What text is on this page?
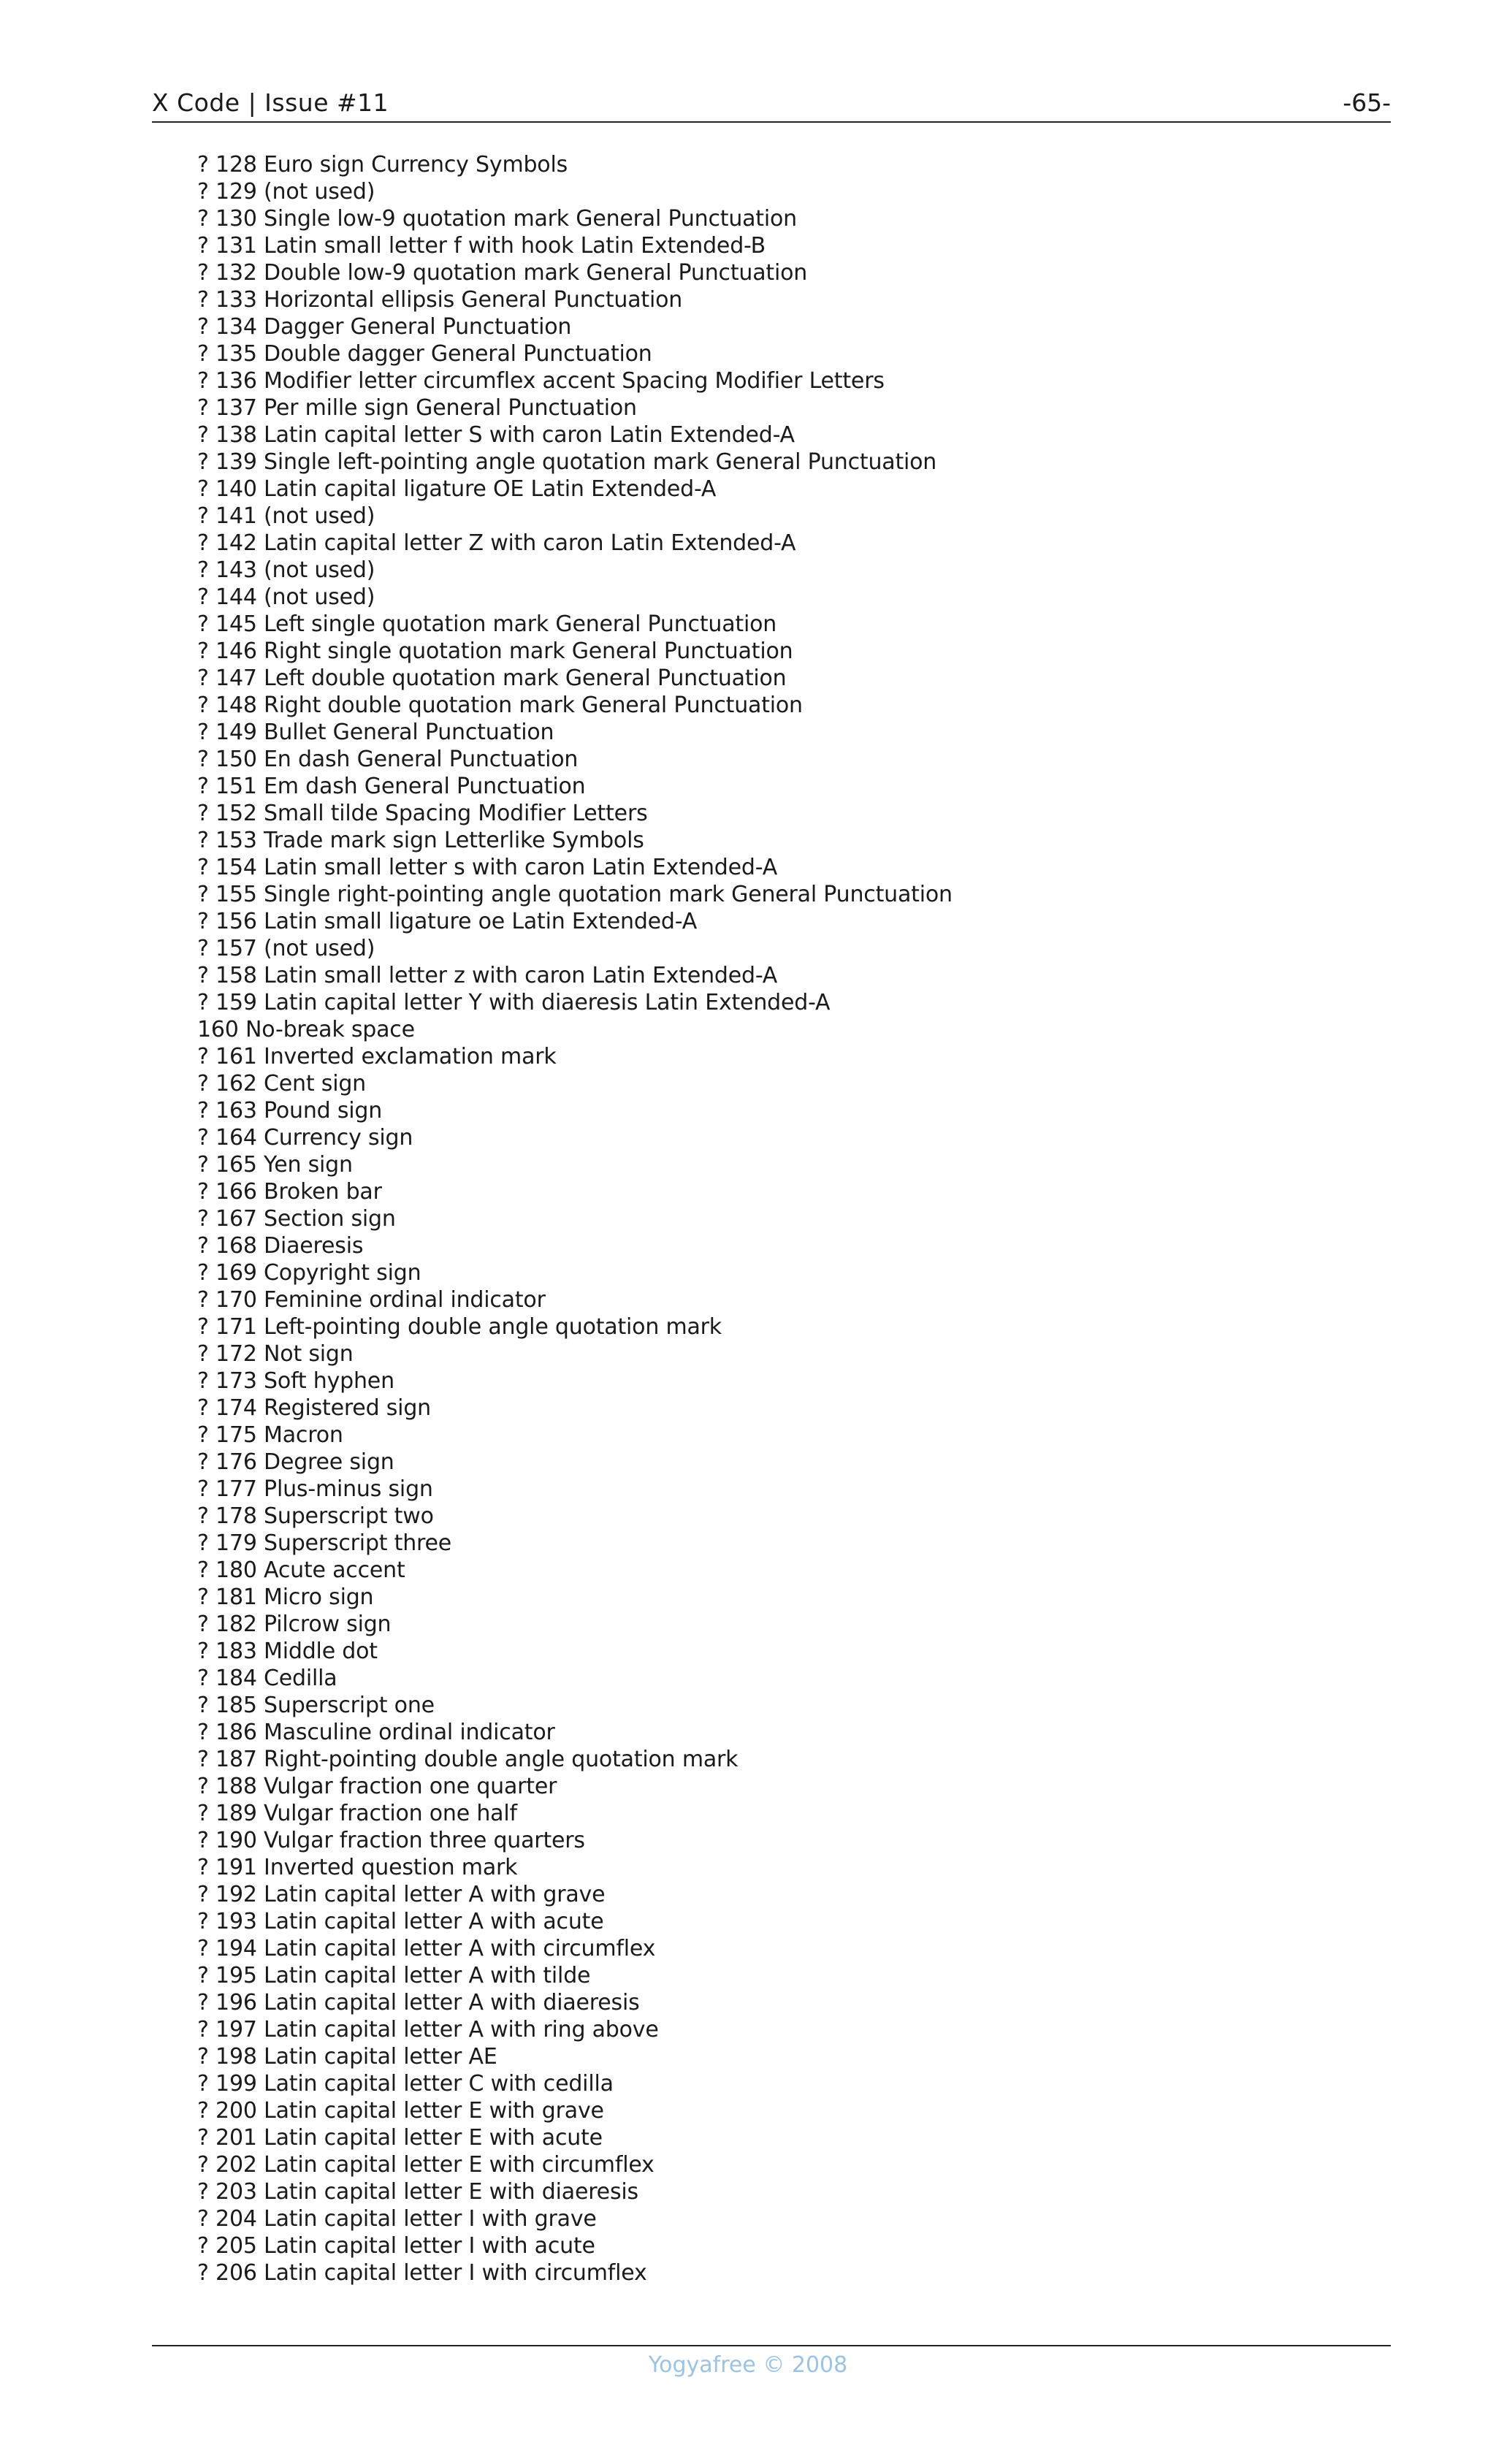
X Code | Issue #11	-65-
? 128 Euro sign Currency Symbols
? 129 (not used)
? 130 Single low-9 quotation mark General Punctuation
? 131 Latin small letter f with hook Latin Extended-B
? 132 Double low-9 quotation mark General Punctuation
? 133 Horizontal ellipsis General Punctuation
? 134 Dagger General Punctuation
? 135 Double dagger General Punctuation
? 136 Modifier letter circumflex accent Spacing Modifier Letters
? 137 Per mille sign General Punctuation
? 138 Latin capital letter S with caron Latin Extended-A
? 139 Single left-pointing angle quotation mark General Punctuation
? 140 Latin capital ligature OE Latin Extended-A
? 141 (not used)
? 142 Latin capital letter Z with caron Latin Extended-A
? 143 (not used)
? 144 (not used)
? 145 Left single quotation mark General Punctuation
? 146 Right single quotation mark General Punctuation
? 147 Left double quotation mark General Punctuation
? 148 Right double quotation mark General Punctuation
? 149 Bullet General Punctuation
? 150 En dash General Punctuation
? 151 Em dash General Punctuation
? 152 Small tilde Spacing Modifier Letters
? 153 Trade mark sign Letterlike Symbols
? 154 Latin small letter s with caron Latin Extended-A
? 155 Single right-pointing angle quotation mark General Punctuation
? 156 Latin small ligature oe Latin Extended-A
? 157 (not used)
? 158 Latin small letter z with caron Latin Extended-A
? 159 Latin capital letter Y with diaeresis Latin Extended-A
160 No-break space
? 161 Inverted exclamation mark
? 162 Cent sign
? 163 Pound sign
? 164 Currency sign
? 165 Yen sign
? 166 Broken bar
? 167 Section sign
? 168 Diaeresis
? 169 Copyright sign
? 170 Feminine ordinal indicator
? 171 Left-pointing double angle quotation mark
? 172 Not sign
? 173 Soft hyphen
? 174 Registered sign
? 175 Macron
? 176 Degree sign
? 177 Plus-minus sign
? 178 Superscript two
? 179 Superscript three
? 180 Acute accent
? 181 Micro sign
? 182 Pilcrow sign
? 183 Middle dot
? 184 Cedilla
? 185 Superscript one
? 186 Masculine ordinal indicator
? 187 Right-pointing double angle quotation mark
? 188 Vulgar fraction one quarter
? 189 Vulgar fraction one half
? 190 Vulgar fraction three quarters
? 191 Inverted question mark
? 192 Latin capital letter A with grave
? 193 Latin capital letter A with acute
? 194 Latin capital letter A with circumflex
? 195 Latin capital letter A with tilde
? 196 Latin capital letter A with diaeresis
? 197 Latin capital letter A with ring above
? 198 Latin capital letter AE
? 199 Latin capital letter C with cedilla
? 200 Latin capital letter E with grave
? 201 Latin capital letter E with acute
? 202 Latin capital letter E with circumflex
? 203 Latin capital letter E with diaeresis
? 204 Latin capital letter I with grave
? 205 Latin capital letter I with acute
? 206 Latin capital letter I with circumflex
Yogyafree © 2008
